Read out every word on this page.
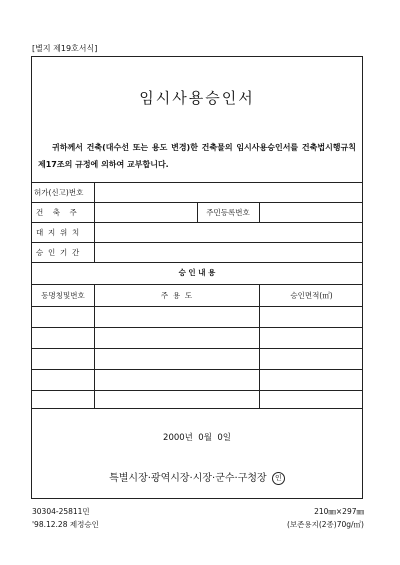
[별지 제19호서식]
임시사용승인서
귀하께서 건축(대수선 또는 용도 변경)한 건축물의 임시사용승인서를 건축법시행규칙 제17조의 규정에 의하여 교부합니다.
허가(신고)번호
건    축    주	주민등록번호
대  지  위  치
승  인  기  간
승 인 내 용
동명칭및번호	주  용  도	승인면적(㎡)
2000년  0월  0일
특별시장·광역시장·시장·군수·구청장 인
30304-25811민	210㎜×297㎜
'98.12.28 제정승인	(보존용지(2종)70g/㎡)
